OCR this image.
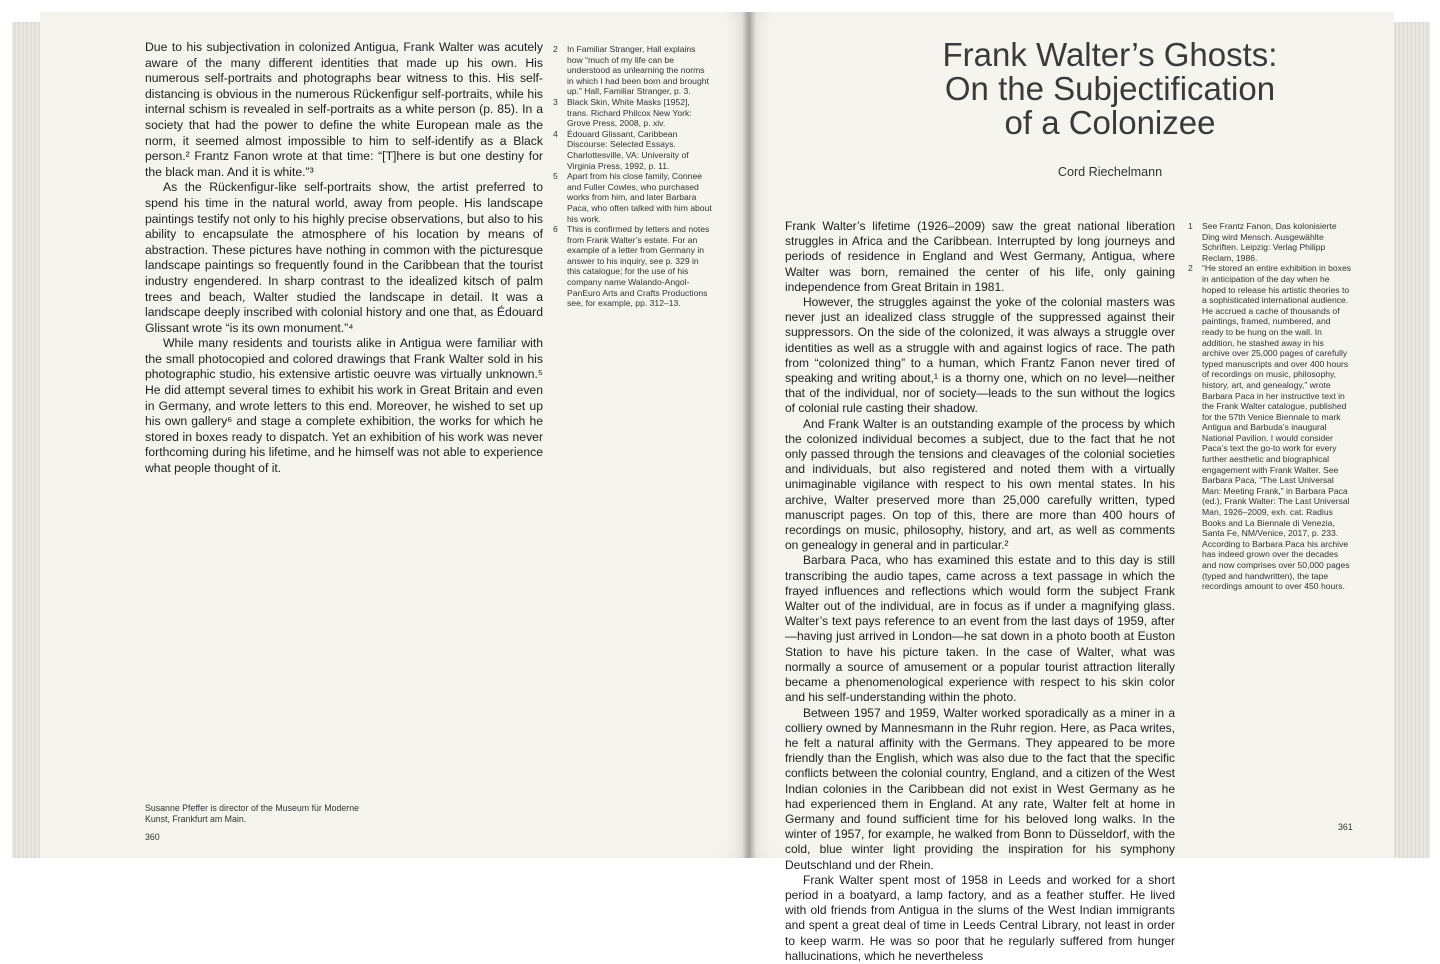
Due to his subjectivation in colonized Antigua, Frank Walter was acutely aware of the many different identities that made up his own. His numerous self-portraits and photographs bear witness to this. His self-distancing is obvious in the numerous Rückenfigur self-portraits, while his internal schism is revealed in self-portraits as a white person (p. 85). In a society that had the power to define the white European male as the norm, it seemed almost impossible to him to self-identify as a Black person.² Frantz Fanon wrote at that time: “[T]here is but one destiny for the black man. And it is white.”³

As the Rückenfigur-like self-portraits show, the artist preferred to spend his time in the natural world, away from people. His landscape paintings testify not only to his highly precise observations, but also to his ability to encapsulate the atmosphere of his location by means of abstraction. These pictures have nothing in common with the picturesque landscape paintings so frequently found in the Caribbean that the tourist industry engendered. In sharp contrast to the idealized kitsch of palm trees and beach, Walter studied the landscape in detail. It was a landscape deeply inscribed with colonial history and one that, as Édouard Glissant wrote “is its own monument.”⁴

While many residents and tourists alike in Antigua were familiar with the small photocopied and colored drawings that Frank Walter sold in his photographic studio, his extensive artistic oeuvre was virtually unknown.⁵ He did attempt several times to exhibit his work in Great Britain and even in Germany, and wrote letters to this end. Moreover, he wished to set up his own gallery⁶ and stage a complete exhibition, the works for which he stored in boxes ready to dispatch. Yet an exhibition of his work was never forthcoming during his lifetime, and he himself was not able to experience what people thought of it.

2	In Familiar Stranger, Hall explains how “much of my life can be understood as unlearning the norms in which I had been born and brought up.” Hall, Familiar Stranger, p. 3.
3	Black Skin, White Masks [1952], trans. Richard Philcox New York: Grove Press, 2008, p. xiv.
4	Édouard Glissant, Caribbean Discourse: Selected Essays. Charlottesville, VA: University of Virginia Press, 1992, p. 11.
5	Apart from his close family, Connee and Fuller Cowles, who purchased works from him, and later Barbara Paca, who often talked with him about his work.
6	This is confirmed by letters and notes from Frank Walter’s estate. For an example of a letter from Germany in answer to his inquiry, see p. 329 in this catalogue; for the use of his company name Walando-Angol-PanEuro Arts and Crafts Productions see, for example, pp. 312–13.
Susanne Pfeffer is director of the Museum für Moderne Kunst, Frankfurt am Main.
360
Frank Walter’s Ghosts:
On the Subjectification
of a Colonizee
Cord Riechelmann

Frank Walter’s lifetime (1926–2009) saw the great national liberation struggles in Africa and the Caribbean. Interrupted by long journeys and periods of residence in England and West Germany, Antigua, where Walter was born, remained the center of his life, only gaining independence from Great Britain in 1981.

However, the struggles against the yoke of the colonial masters was never just an idealized class struggle of the suppressed against their suppressors. On the side of the colonized, it was always a struggle over identities as well as a struggle with and against logics of race. The path from “colonized thing” to a human, which Frantz Fanon never tired of speaking and writing about,¹ is a thorny one, which on no level—neither that of the individual, nor of society—leads to the sun without the logics of colonial rule casting their shadow.

And Frank Walter is an outstanding example of the process by which the colonized individual becomes a subject, due to the fact that he not only passed through the tensions and cleavages of the colonial societies and individuals, but also registered and noted them with a virtually unimaginable vigilance with respect to his own mental states. In his archive, Walter preserved more than 25,000 carefully written, typed manuscript pages. On top of this, there are more than 400 hours of recordings on music, philosophy, history, and art, as well as comments on genealogy in general and in particular.²

Barbara Paca, who has examined this estate and to this day is still transcribing the audio tapes, came across a text passage in which the frayed influences and reflections which would form the subject Frank Walter out of the individual, are in focus as if under a magnifying glass. Walter’s text pays reference to an event from the last days of 1959, after—having just arrived in London—he sat down in a photo booth at Euston Station to have his picture taken. In the case of Walter, what was normally a source of amusement or a popular tourist attraction literally became a phenomenological experience with respect to his skin color and his self-understanding within the photo.

Between 1957 and 1959, Walter worked sporadically as a miner in a colliery owned by Mannesmann in the Ruhr region. Here, as Paca writes, he felt a natural affinity with the Germans. They appeared to be more friendly than the English, which was also due to the fact that the specific conflicts between the colonial country, England, and a citizen of the West Indian colonies in the Caribbean did not exist in West Germany as he had experienced them in England. At any rate, Walter felt at home in Germany and found sufficient time for his beloved long walks. In the winter of 1957, for example, he walked from Bonn to Düsseldorf, with the cold, blue winter light providing the inspiration for his symphony Deutschland und der Rhein.

Frank Walter spent most of 1958 in Leeds and worked for a short period in a boatyard, a lamp factory, and as a feather stuffer. He lived with old friends from Antigua in the slums of the West Indian immigrants and spent a great deal of time in Leeds Central Library, not least in order to keep warm. He was so poor that he regularly suffered from hunger hallucinations, which he nevertheless

1	See Frantz Fanon, Das kolonisierte Ding wird Mensch. Ausgewählte Schriften. Leipzig: Verlag Philipp Reclam, 1986.
2	“He stored an entire exhibition in boxes in anticipation of the day when he hoped to release his artistic theories to a sophisticated international audience. He accrued a cache of thousands of paintings, framed, numbered, and ready to be hung on the wall. In addition, he stashed away in his archive over 25,000 pages of carefully typed manuscripts and over 400 hours of recordings on music, philosophy, history, art, and genealogy,” wrote Barbara Paca in her instructive text in the Frank Walter catalogue, published for the 57th Venice Biennale to mark Antigua and Barbuda’s inaugural National Pavilion. I would consider Paca’s text the go-to work for every further aesthetic and biographical engagement with Frank Walter. See Barbara Paca, “The Last Universal Man: Meeting Frank,” in Barbara Paca (ed.), Frank Walter: The Last Universal Man, 1926–2009, exh. cat. Radius Books and La Biennale di Venezia, Santa Fe, NM/Venice, 2017, p. 233. According to Barbara Paca his archive has indeed grown over the decades and now comprises over 50,000 pages (typed and handwritten), the tape recordings amount to over 450 hours.
361
